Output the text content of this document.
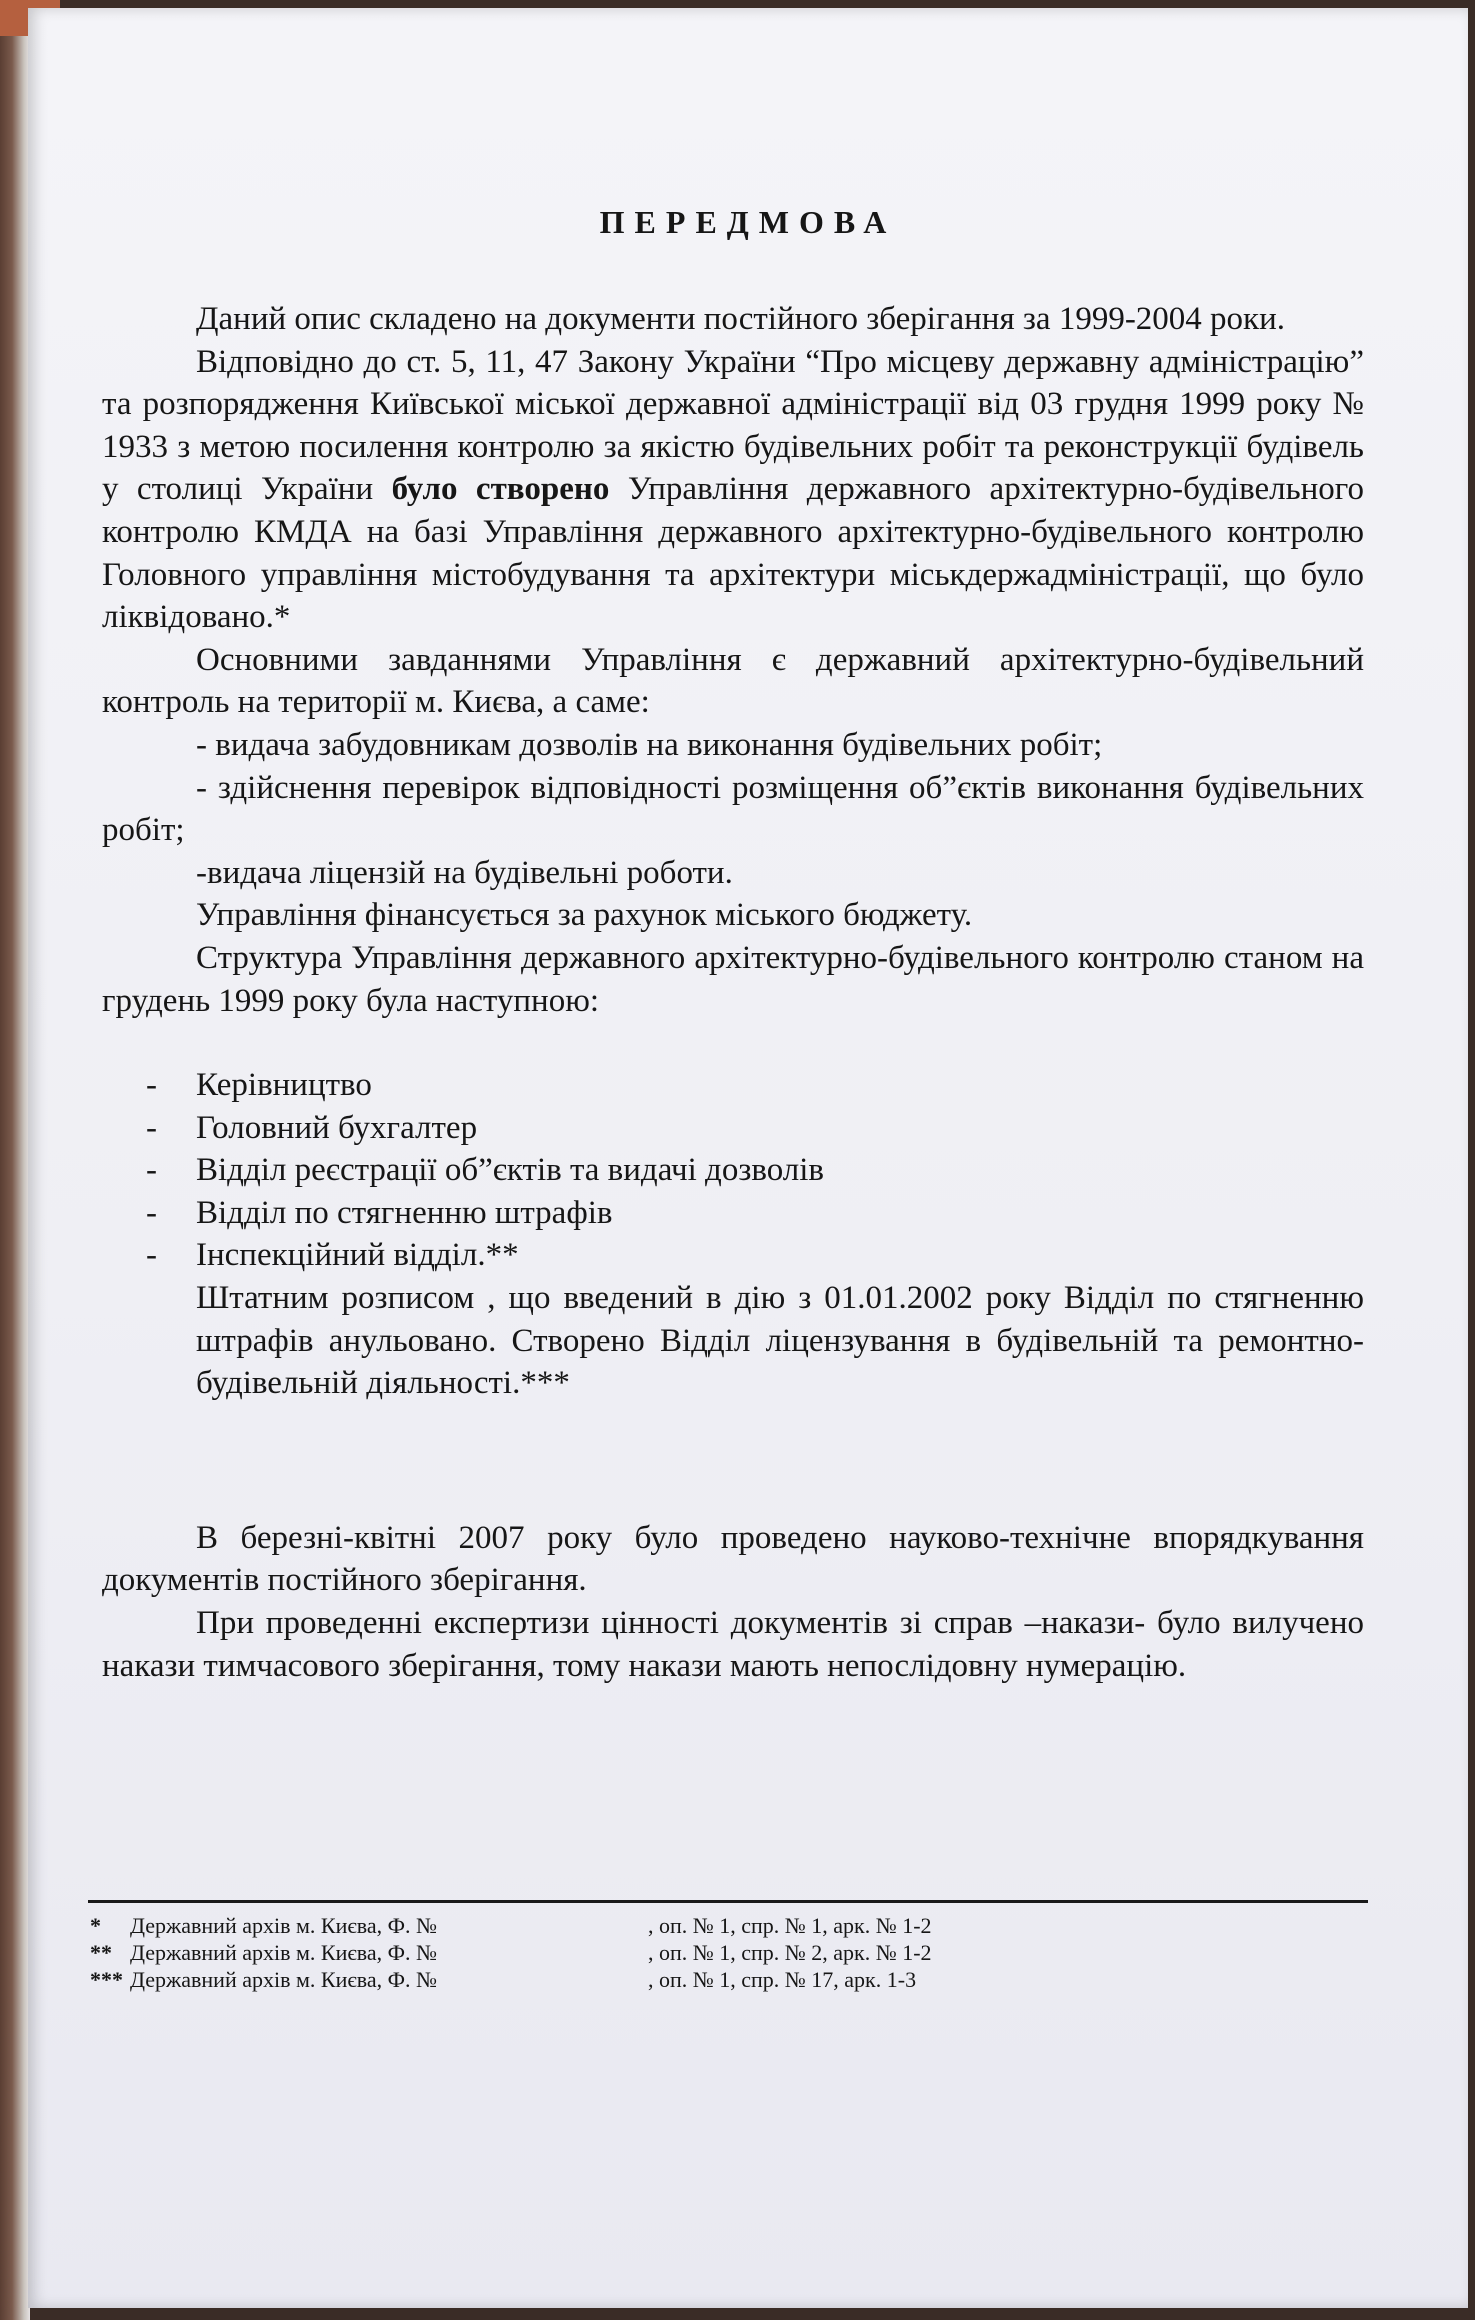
ПЕРЕДМОВА

Даний опис складено на документи постійного зберігання за 1999-2004 роки.

Відповідно до ст. 5, 11, 47 Закону України “Про місцеву державну адміністрацію” та розпорядження Київської міської державної адміністрації від 03 грудня 1999 року № 1933 з метою посилення контролю за якістю будівельних робіт та реконструкції будівель у столиці України було створено Управління державного архітектурно-будівельного контролю КМДА на базі Управління державного архітектурно-будівельного контролю Головного управління містобудування та архітектури міськдержадміністрації, що було ліквідовано.*

Основними завданнями Управління є державний архітектурно-будівельний контроль на території м. Києва, а саме:

- видача забудовникам дозволів на виконання будівельних робіт;

- здійснення перевірок відповідності розміщення об”єктів виконання будівельних робіт;

-видача ліцензій на будівельні роботи.

Управління фінансується за рахунок міського бюджету.

Структура Управління державного архітектурно-будівельного контролю станом на грудень 1999 року була наступною:

- Керівництво
- Головний бухгалтер
- Відділ реєстрації об”єктів та видачі дозволів
- Відділ по стягненню штрафів
- Інспекційний відділ.**

Штатним розписом , що введений в дію з 01.01.2002 року Відділ по стягненню штрафів анульовано. Створено Відділ ліцензування в будівельній та ремонтно-будівельній діяльності.***

В березні-квітні 2007 року було проведено науково-технічне впорядкування документів постійного зберігання.

При проведенні експертизи цінності документів зі справ –накази- було вилучено накази тимчасового зберігання, тому накази мають непослідовну нумерацію.

* Державний архів м. Києва, Ф. №	, оп. № 1, спр. № 1, арк. № 1-2
** Державний архів м. Києва, Ф. №	, оп. № 1, спр. № 2, арк. № 1-2
*** Державний архів м. Києва, Ф. №	, оп. № 1, спр. № 17, арк. 1-3
